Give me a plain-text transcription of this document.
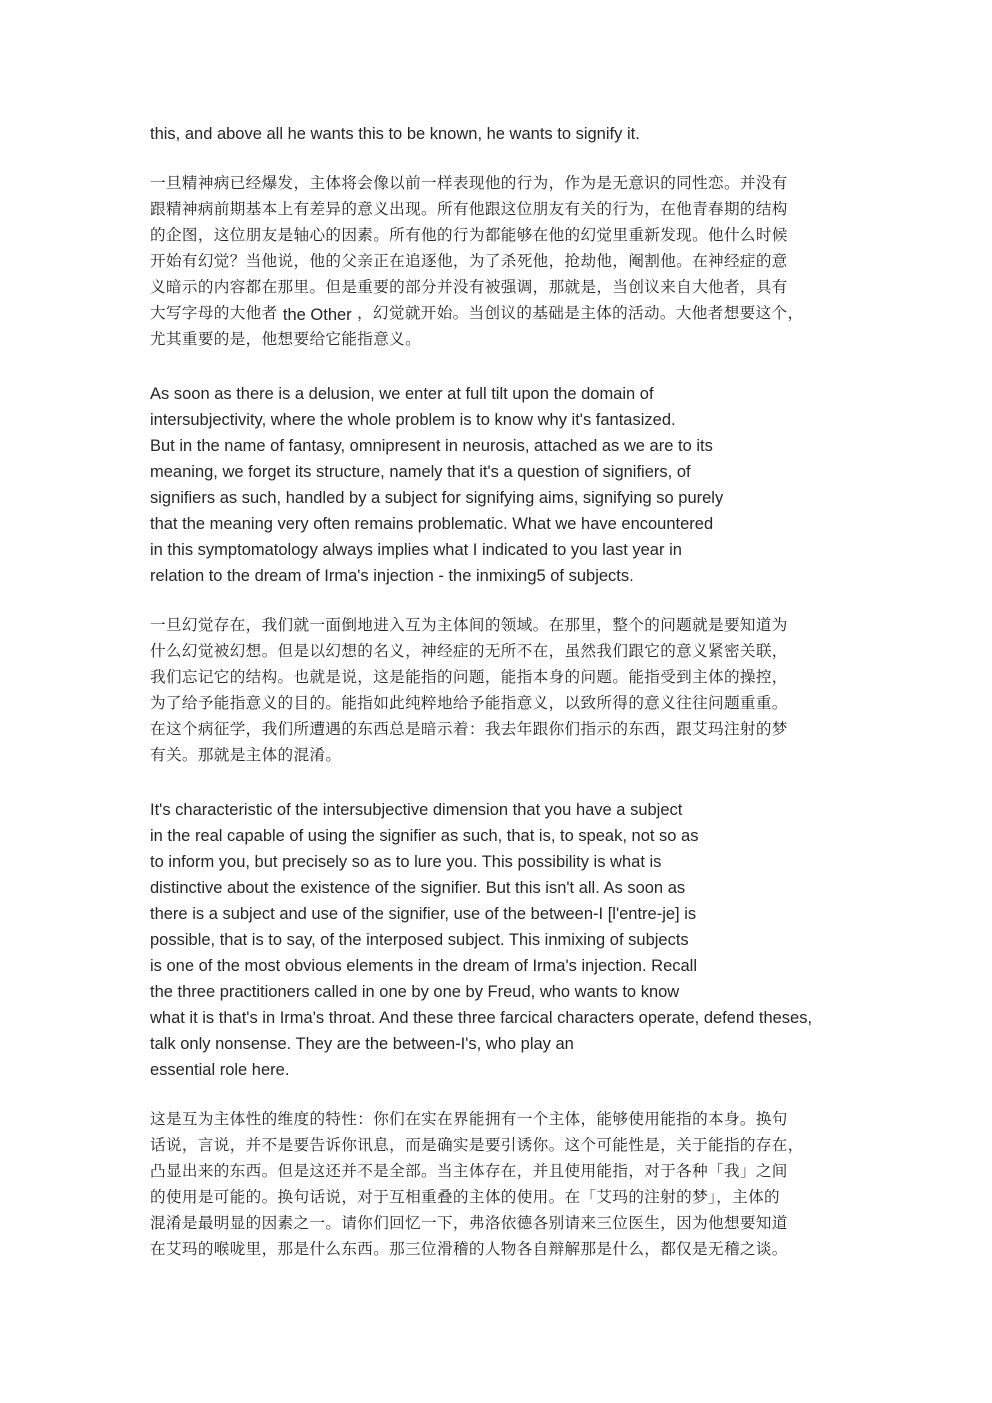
this, and above all he wants this to be known, he wants to signify it.
一旦精神病已经爆发，主体将会像以前一样表现他的行为，作为是无意识的同性恋。并没有
跟精神病前期基本上有差异的意义出现。所有他跟这位朋友有关的行为，在他青春期的结构
的企图，这位朋友是轴心的因素。所有他的行为都能够在他的幻觉里重新发现。他什么时候
开始有幻觉？当他说，他的父亲正在追逐他，为了杀死他，抢劫他，阉割他。在神经症的意
义暗示的内容都在那里。但是重要的部分并没有被强调，那就是，当创议来自大他者，具有
大写字母的大他者 the Other ，幻觉就开始。当创议的基础是主体的活动。大他者想要这个，
尤其重要的是，他想要给它能指意义。
As soon as there is a delusion, we enter at full tilt upon the domain of
intersubjectivity, where the whole problem is to know why it's fantasized.
But in the name of fantasy, omnipresent in neurosis, attached as we are to its
meaning, we forget its structure, namely that it's a question of signifiers, of
signifiers as such, handled by a subject for signifying aims, signifying so purely
that the meaning very often remains problematic. What we have encountered
in this symptomatology always implies what I indicated to you last year in
relation to the dream of Irma's injection - the inmixing5 of subjects.
一旦幻觉存在，我们就一面倒地进入互为主体间的领域。在那里，整个的问题就是要知道为
什么幻觉被幻想。但是以幻想的名义，神经症的无所不在，虽然我们跟它的意义紧密关联，
我们忘记它的结构。也就是说，这是能指的问题，能指本身的问题。能指受到主体的操控，
为了给予能指意义的目的。能指如此纯粹地给予能指意义，以致所得的意义往往问题重重。
在这个病征学，我们所遭遇的东西总是暗示着：我去年跟你们指示的东西，跟艾玛注射的梦
有关。那就是主体的混淆。
It's characteristic of the intersubjective dimension that you have a subject
in the real capable of using the signifier as such, that is, to speak, not so as
to inform you, but precisely so as to lure you. This possibility is what is
distinctive about the existence of the signifier. But this isn't all. As soon as
there is a subject and use of the signifier, use of the between-I [l'entre-je] is
possible, that is to say, of the interposed subject. This inmixing of subjects
is one of the most obvious elements in the dream of Irma's injection. Recall
the three practitioners called in one by one by Freud, who wants to know
what it is that's in Irma's throat. And these three farcical characters operate, defend theses,
talk only nonsense. They are the between-I's, who play an
essential role here.
这是互为主体性的维度的特性：你们在实在界能拥有一个主体，能够使用能指的本身。换句
话说，言说，并不是要告诉你讯息，而是确实是要引诱你。这个可能性是，关于能指的存在，
凸显出来的东西。但是这还并不是全部。当主体存在，并且使用能指，对于各种「我」之间
的使用是可能的。换句话说，对于互相重叠的主体的使用。在「艾玛的注射的梦」，主体的
混淆是最明显的因素之一。请你们回忆一下，弗洛依德各别请来三位医生，因为他想要知道
在艾玛的喉咙里，那是什么东西。那三位滑稽的人物各自辩解那是什么，都仅是无稽之谈。
